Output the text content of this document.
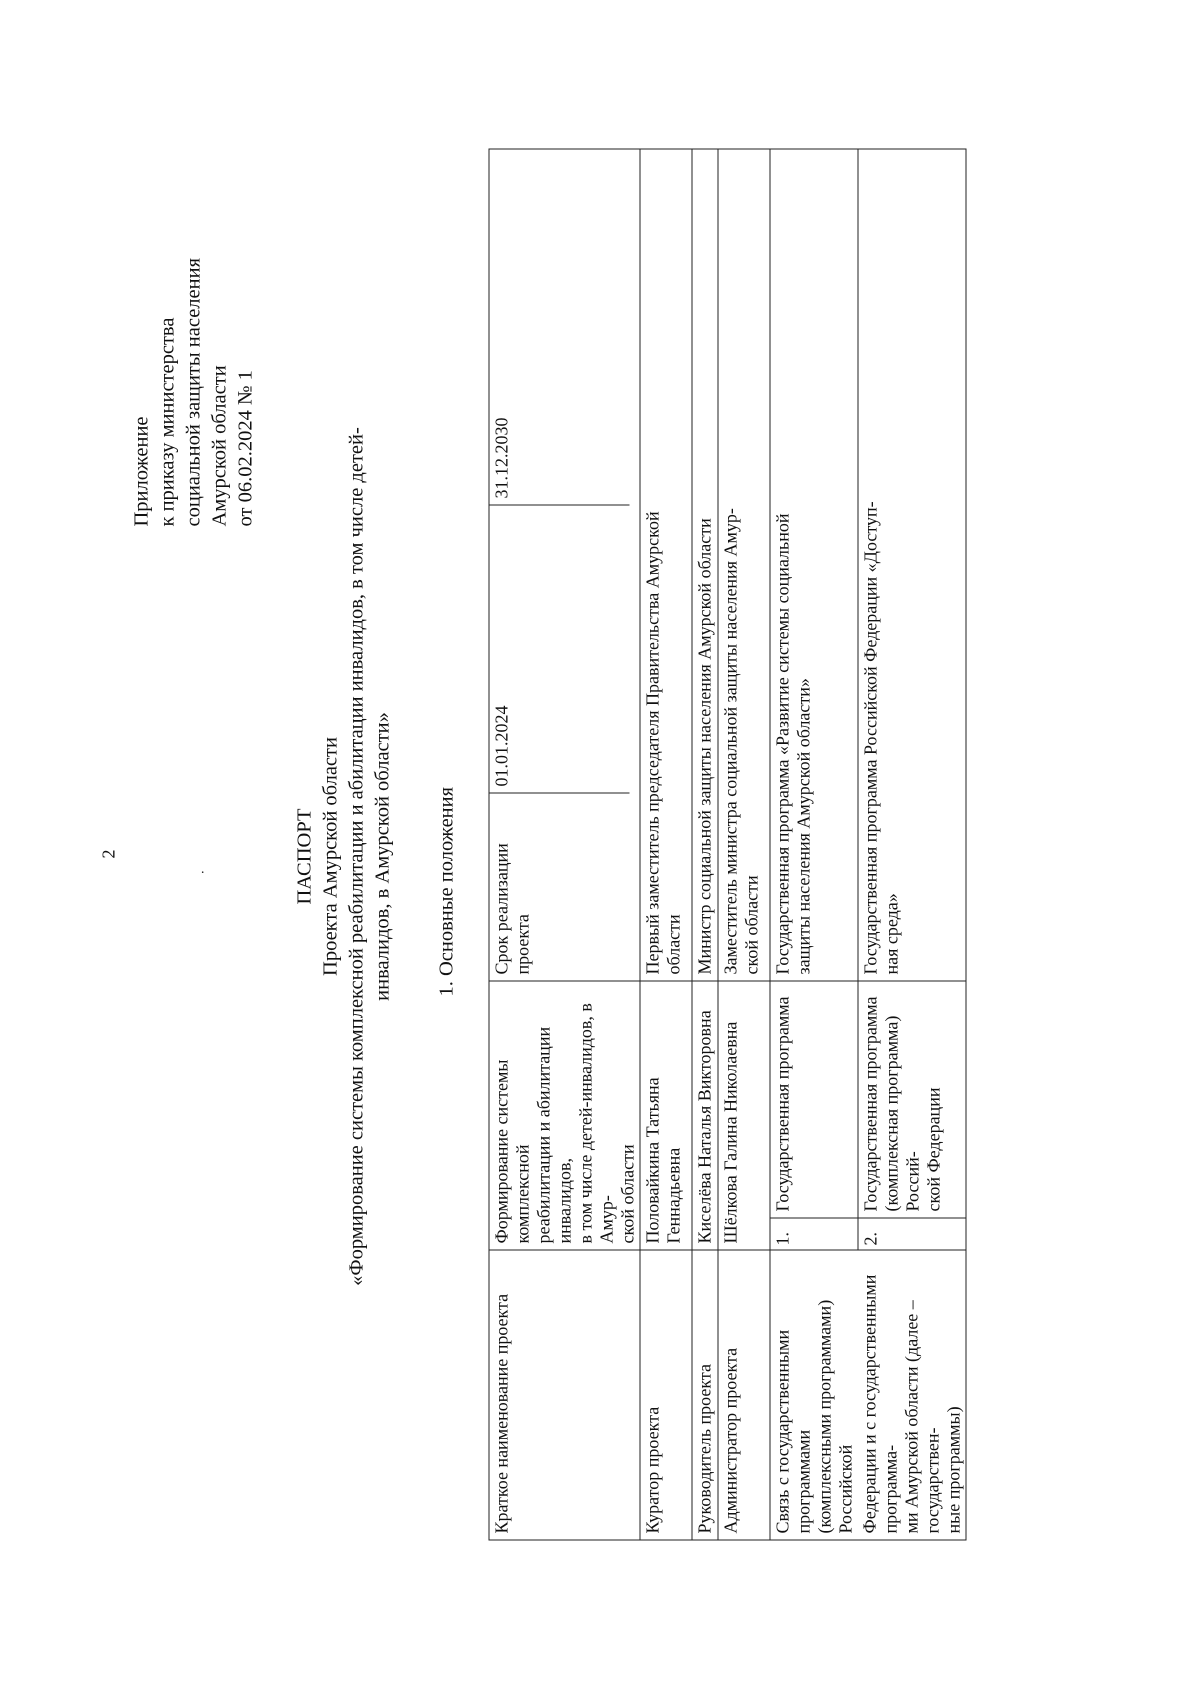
2
·
Приложение к приказу министерства социальной защиты населения Амурской области от 06.02.2024 № 1
ПАСПОРТ Проекта Амурской области «Формирование системы комплексной реабилитации и абилитации инвалидов, в том числе детей- инвалидов, в Амурской области» 1. Основные положения
Краткое наименование проекта	Формирование системы комплексной
реабилитации и абилитации инвалидов,
в том числе детей-инвалидов, в Амур-
ской области	
Срок реализации
проекта	01.01.2024	31.12.2030

Куратор проекта	Половайкина Татьяна Геннадьевна	Первый заместитель председателя Правительства Амурской
области
Руководитель проекта	Киселёва Наталья Викторовна	Министр социальной защиты населения Амурской области
Администратор проекта	Шёлкова Галина Николаевна	Заместитель министра социальной защиты населения Амур-
ской области
Связь с государственными программами
(комплексными программами) Российской	1.	Государственная программа	Государственная программа «Развитие системы социальной
защиты населения Амурской области»
Федерации и с государственными программа-
ми Амурской области (далее – государствен-
ные программы)	2.	Государственная программа
(комплексная программа) Россий-
ской Федерации	Государственная программа Российской Федерации «Доступ-
ная среда»
